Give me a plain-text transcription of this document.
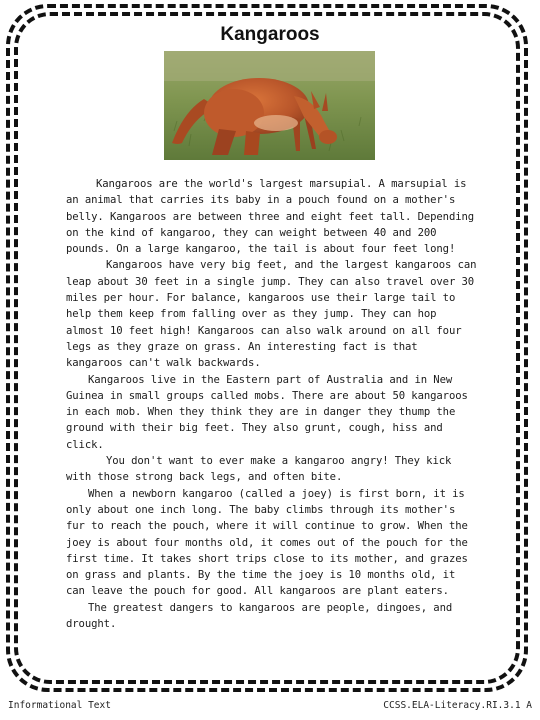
Kangaroos

Kangaroos are the world's largest marsupial. A marsupial is an animal that carries its baby in a pouch found on a mother's belly. Kangaroos are between three and eight feet tall. Depending on the kind of kangaroo, they can weight between 40 and 200 pounds. On a large kangaroo, the tail is about four feet long!

Kangaroos have very big feet, and the largest kangaroos can leap about 30 feet in a single jump. They can also travel over 30 miles per hour. For balance, kangaroos use their large tail to help them keep from falling over as they jump. They can hop almost 10 feet high! Kangaroos can also walk around on all four legs as they graze on grass. An interesting fact is that kangaroos can't walk backwards.

Kangaroos live in the Eastern part of Australia and in New Guinea in small groups called mobs. There are about 50 kangaroos in each mob. When they think they are in danger they thump the ground with their big feet. They also grunt, cough, hiss and click.

You don't want to ever make a kangaroo angry! They kick with those strong back legs, and often bite.

When a newborn kangaroo (called a joey) is first born, it is only about one inch long. The baby climbs through its mother's fur to reach the pouch, where it will continue to grow. When the joey is about four months old, it comes out of the pouch for the first time. It takes short trips close to its mother, and grazes on grass and plants. By the time the joey is 10 months old, it can leave the pouch for good. All kangaroos are plant eaters.

The greatest dangers to kangaroos are people, dingoes, and drought.

Informational Text	CCSS.ELA-Literacy.RI.3.1 A
